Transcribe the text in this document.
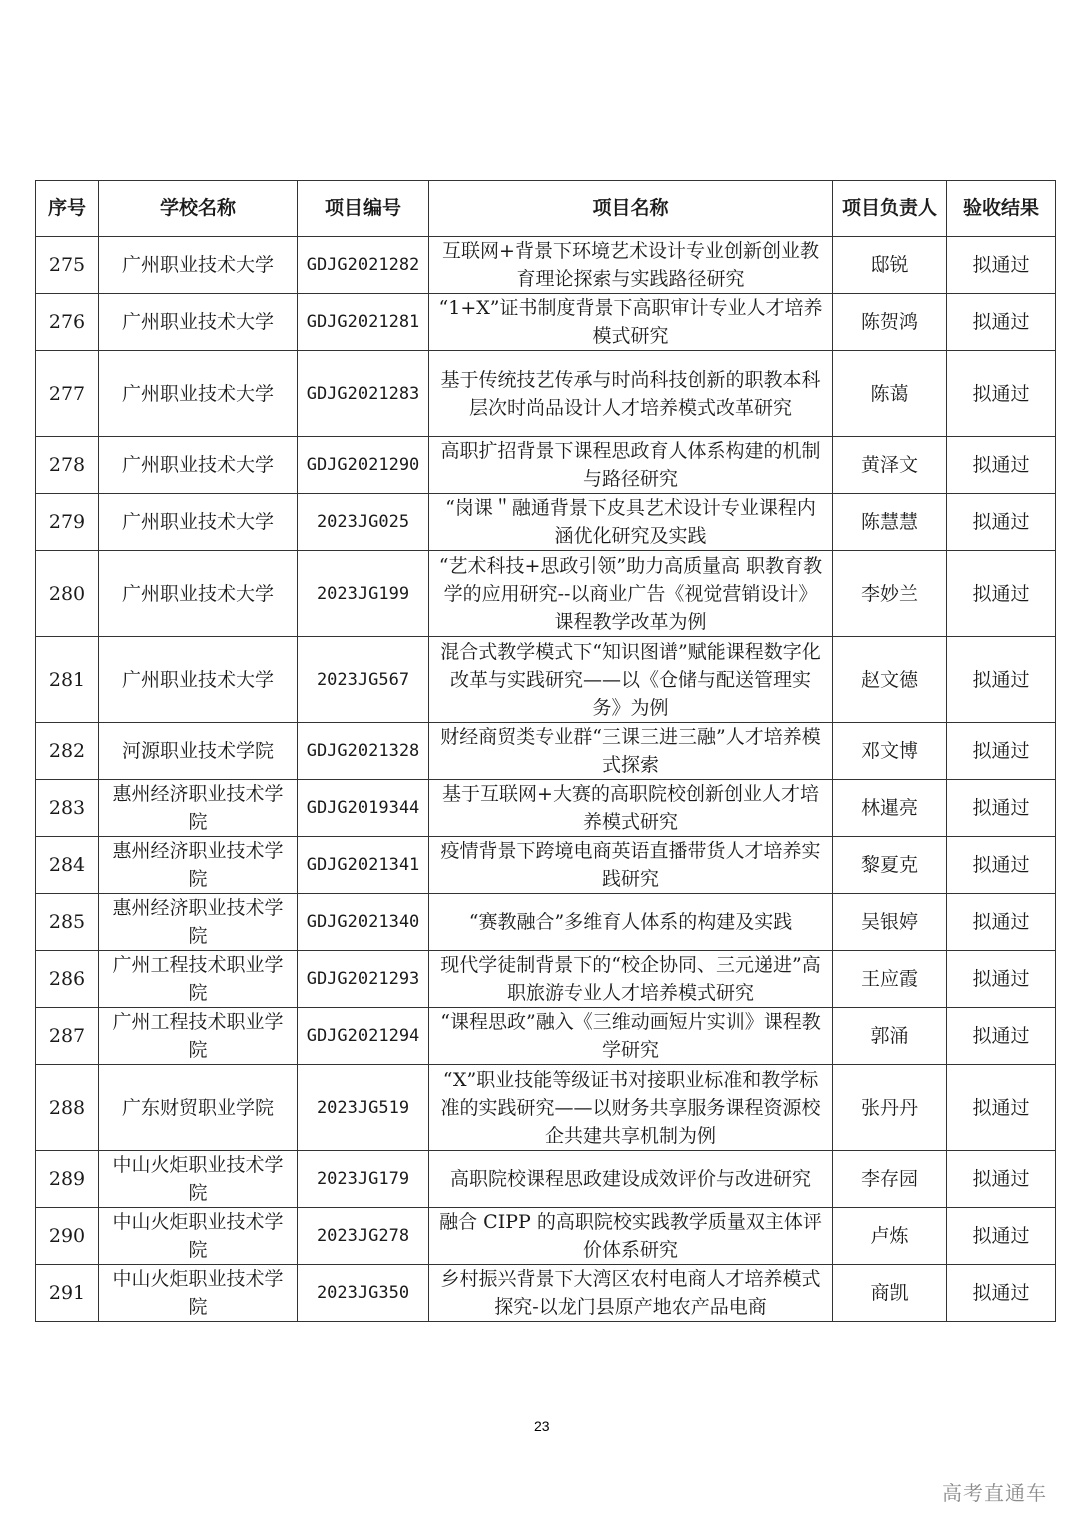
序号	学校名称	项目编号	项目名称	项目负责人	验收结果
275	广州职业技术大学	GDJG2021282	互联网+背景下环境艺术设计专业创新创业教育理论探索与实践路径研究	邸锐	拟通过
276	广州职业技术大学	GDJG2021281	“1+X”证书制度背景下高职审计专业人才培养模式研究	陈贺鸿	拟通过
277	广州职业技术大学	GDJG2021283	基于传统技艺传承与时尚科技创新的职教本科层次时尚品设计人才培养模式改革研究	陈蔼	拟通过
278	广州职业技术大学	GDJG2021290	高职扩招背景下课程思政育人体系构建的机制与路径研究	黄泽文	拟通过
279	广州职业技术大学	2023JG025	“岗课＂融通背景下皮具艺术设计专业课程内涵优化研究及实践	陈慧慧	拟通过
280	广州职业技术大学	2023JG199	“艺术科技+思政引领”助力高质量高 职教育教学的应用研究--以商业广告《视觉营销设计》课程教学改革为例	李妙兰	拟通过
281	广州职业技术大学	2023JG567	混合式教学模式下“知识图谱”赋能课程数字化改革与实践研究——以《仓储与配送管理实务》为例	赵文德	拟通过
282	河源职业技术学院	GDJG2021328	财经商贸类专业群“三课三进三融”人才培养模式探索	邓文博	拟通过
283	惠州经济职业技术学院	GDJG2019344	基于互联网+大赛的高职院校创新创业人才培养模式研究	林暹亮	拟通过
284	惠州经济职业技术学院	GDJG2021341	疫情背景下跨境电商英语直播带货人才培养实践研究	黎夏克	拟通过
285	惠州经济职业技术学院	GDJG2021340	“赛教融合”多维育人体系的构建及实践	吴银婷	拟通过
286	广州工程技术职业学院	GDJG2021293	现代学徒制背景下的“校企协同、三元递进”高职旅游专业人才培养模式研究	王应霞	拟通过
287	广州工程技术职业学院	GDJG2021294	“课程思政”融入《三维动画短片实训》课程教学研究	郭涌	拟通过
288	广东财贸职业学院	2023JG519	“X”职业技能等级证书对接职业标准和教学标准的实践研究——以财务共享服务课程资源校企共建共享机制为例	张丹丹	拟通过
289	中山火炬职业技术学院	2023JG179	高职院校课程思政建设成效评价与改进研究	李存园	拟通过
290	中山火炬职业技术学院	2023JG278	融合 CIPP 的高职院校实践教学质量双主体评价体系研究	卢炼	拟通过
291	中山火炬职业技术学院	2023JG350	乡村振兴背景下大湾区农村电商人才培养模式探究-以龙门县原产地农产品电商	商凯	拟通过
23
高考直通车
